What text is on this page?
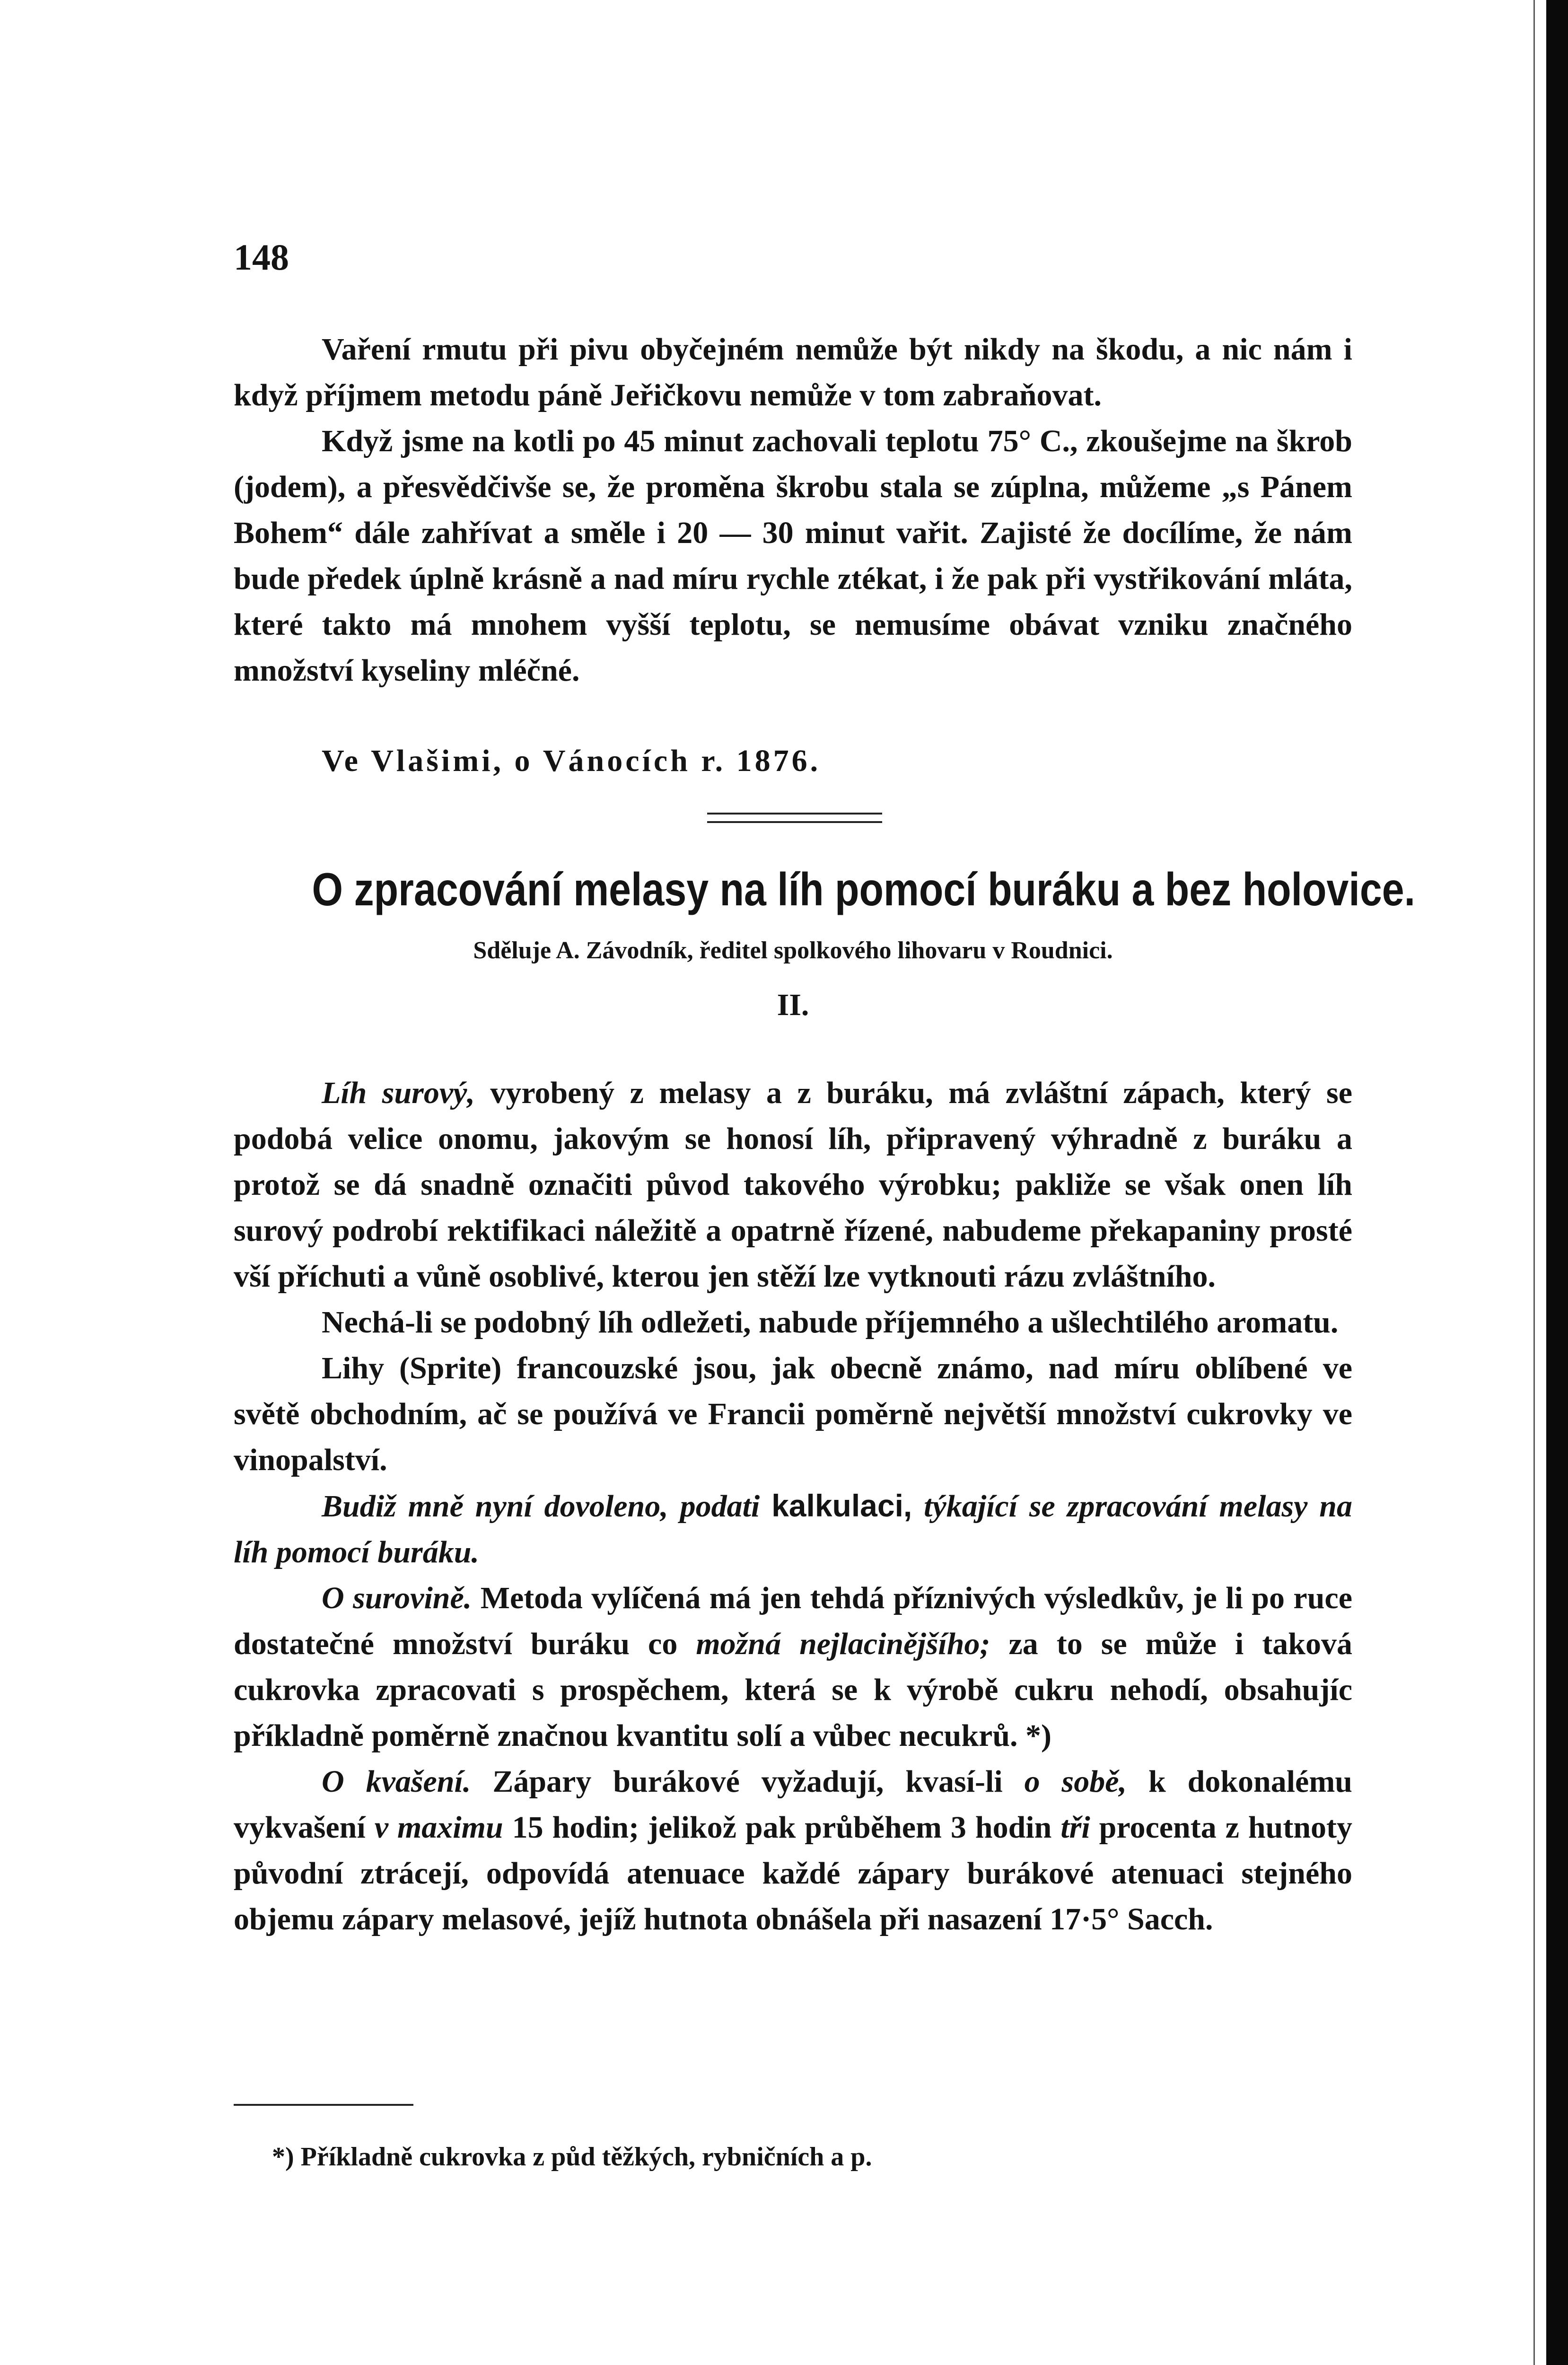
148

Vaření rmutu při pivu obyčejném nemůže být nikdy na škodu, a nic nám i když příjmem metodu páně Jeřičkovu nemůže v tom zabraňovat.

Když jsme na kotli po 45 minut zachovali teplotu 75° C., zkoušejme na škrob (jodem), a přesvědčivše se, že proměna škrobu stala se zúplna, můžeme „s Pánem Bohem“ dále zahřívat a směle i 20 — 30 minut vařit. Zajisté že docílíme, že nám bude předek úplně krásně a nad míru rychle ztékat, i že pak při vystřikování mláta, které takto má mnohem vyšší teplotu, se nemusíme obávat vzniku značného množství kyseliny mléčné.

Ve Vlašimi, o Vánocích r. 1876.
O zpracování melasy na líh pomocí buráku a bez holovice.
Sděluje A. Závodník, ředitel spolkového lihovaru v Roudnici.
II.

Líh surový, vyrobený z melasy a z buráku, má zvláštní zápach, který se podobá velice onomu, jakovým se honosí líh, připravený výhradně z buráku a protož se dá snadně označiti původ takového výrobku; pakliže se však onen líh surový podrobí rektifikaci náležitě a opatrně řízené, nabudeme překapaniny prosté vší příchuti a vůně osoblivé, kterou jen stěží lze vytknouti rázu zvláštního.

Nechá-li se podobný líh odležeti, nabude příjemného a ušlechtilého aromatu.

Lihy (Sprite) francouzské jsou, jak obecně známo, nad míru oblíbené ve světě obchodním, ač se používá ve Francii poměrně největší množství cukrovky ve vinopalství.

Budiž mně nyní dovoleno, podati kalkulaci, týkající se zpracování melasy na líh pomocí buráku.

O surovině. Metoda vylíčená má jen tehdá příznivých výsledkův, je li po ruce dostatečné množství buráku co možná nejlacinějšího; za to se může i taková cukrovka zpracovati s prospěchem, která se k výrobě cukru nehodí, obsahujíc příkladně poměrně značnou kvantitu solí a vůbec necukrů. *)

O kvašení. Zápary burákové vyžadují, kvasí-li o sobě, k dokonalému vykvašení v maximu 15 hodin; jelikož pak průběhem 3 hodin tři procenta z hutnoty původní ztrácejí, odpovídá atenuace každé zápary burákové atenuaci stejného objemu zápary melasové, jejíž hutnota obnášela při nasazení 17·5° Sacch.

*) Příkladně cukrovka z půd těžkých, rybničních a p.
